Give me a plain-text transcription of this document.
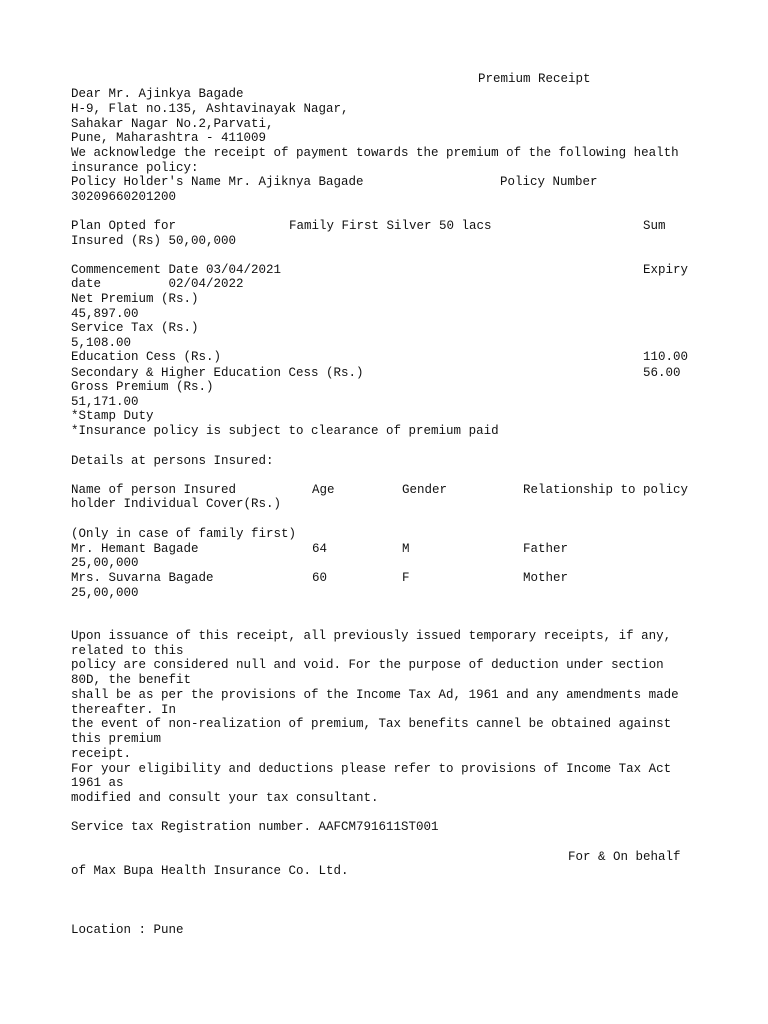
Premium Receipt
Dear Mr. Ajinkya Bagade
H-9, Flat no.135, Ashtavinayak Nagar,
Sahakar Nagar No.2,Parvati,
Pune, Maharashtra - 411009
We acknowledge the receipt of payment towards the premium of the following health
insurance policy:
Policy Holder's Name Mr. Ajiknya Bagade	Policy Number
30209660201200
Plan Opted for	Family First Silver 50 lacs	Sum
Insured (Rs) 50,00,000
Commencement Date 03/04/2021	Expiry
date         02/04/2022
Net Premium (Rs.)
45,897.00
Service Tax (Rs.)
5,108.00
Education Cess (Rs.)	110.00
Secondary & Higher Education Cess (Rs.)	56.00
Gross Premium (Rs.)
51,171.00
*Stamp Duty
*Insurance policy is subject to clearance of premium paid
Details at persons Insured:
Name of person Insured	Age	Gender	Relationship to policy
holder Individual Cover(Rs.)
(Only in case of family first)
Mr. Hemant Bagade	64	M	Father
25,00,000
Mrs. Suvarna Bagade	60	F	Mother
25,00,000
Upon issuance of this receipt, all previously issued temporary receipts, if any,
related to this
policy are considered null and void. For the purpose of deduction under section
80D, the benefit
shall be as per the provisions of the Income Tax Ad, 1961 and any amendments made
thereafter. In
the event of non-realization of premium, Tax benefits cannel be obtained against
this premium
receipt.
For your eligibility and deductions please refer to provisions of Income Tax Act
1961 as
modified and consult your tax consultant.
Service tax Registration number. AAFCM791611ST001
For & On behalf
of Max Bupa Health Insurance Co. Ltd.
Location : Pune
